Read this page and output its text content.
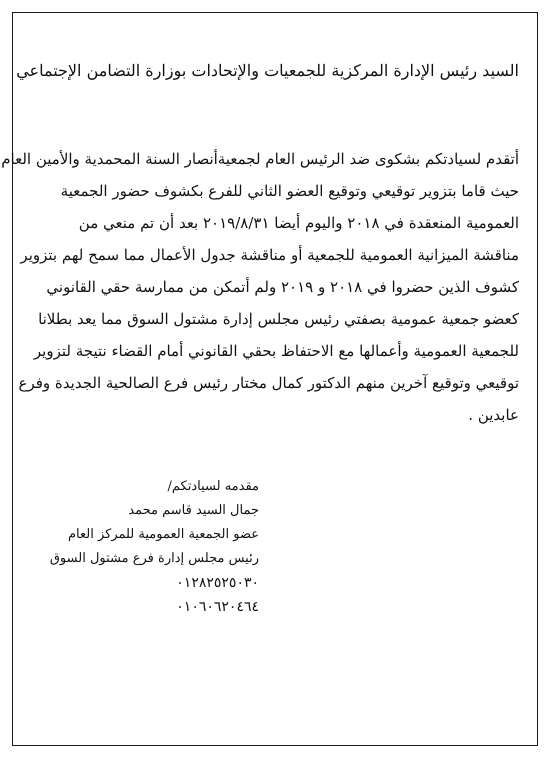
السيد رئيس الإدارة المركزية للجمعيات والإتحادات بوزارة التضامن الإجتماعي
أتقدم لسيادتكم بشكوى ضد الرئيس العام لجمعيةأنصار السنة المحمدية والأمين العام
حيث قاما بتزوير توقيعي وتوقيع العضو الثاني للفرع بكشوف حضور الجمعية
العمومية المنعقدة في ٢٠١٨ واليوم أيضا ٢٠١٩/٨/٣١ بعد أن تم منعي من
مناقشة الميزانية العمومية للجمعية أو مناقشة جدول الأعمال مما سمح لهم بتزوير
كشوف الذين حضروا في ٢٠١٨ و ٢٠١٩ ولم أتمكن من ممارسة حقي القانوني
كعضو جمعية عمومية بصفتي رئيس مجلس إدارة مشتول السوق مما يعد بطلانا
للجمعية العمومية وأعمالها مع الاحتفاظ بحقي القانوني أمام القضاء نتيجة لتزوير
توقيعي وتوقيع آخرين منهم الدكتور كمال مختار رئيس فرع الصالحية الجديدة وفرع
عابدين .
مقدمه لسيادتكم/
جمال السيد قاسم محمد
عضو الجمعية العمومية للمركز العام
رئيس مجلس إدارة فرع مشتول السوق
٠١٢٨٢٥٢٥٠٣٠
٠١٠٦٠٦٢٠٤٦٤
